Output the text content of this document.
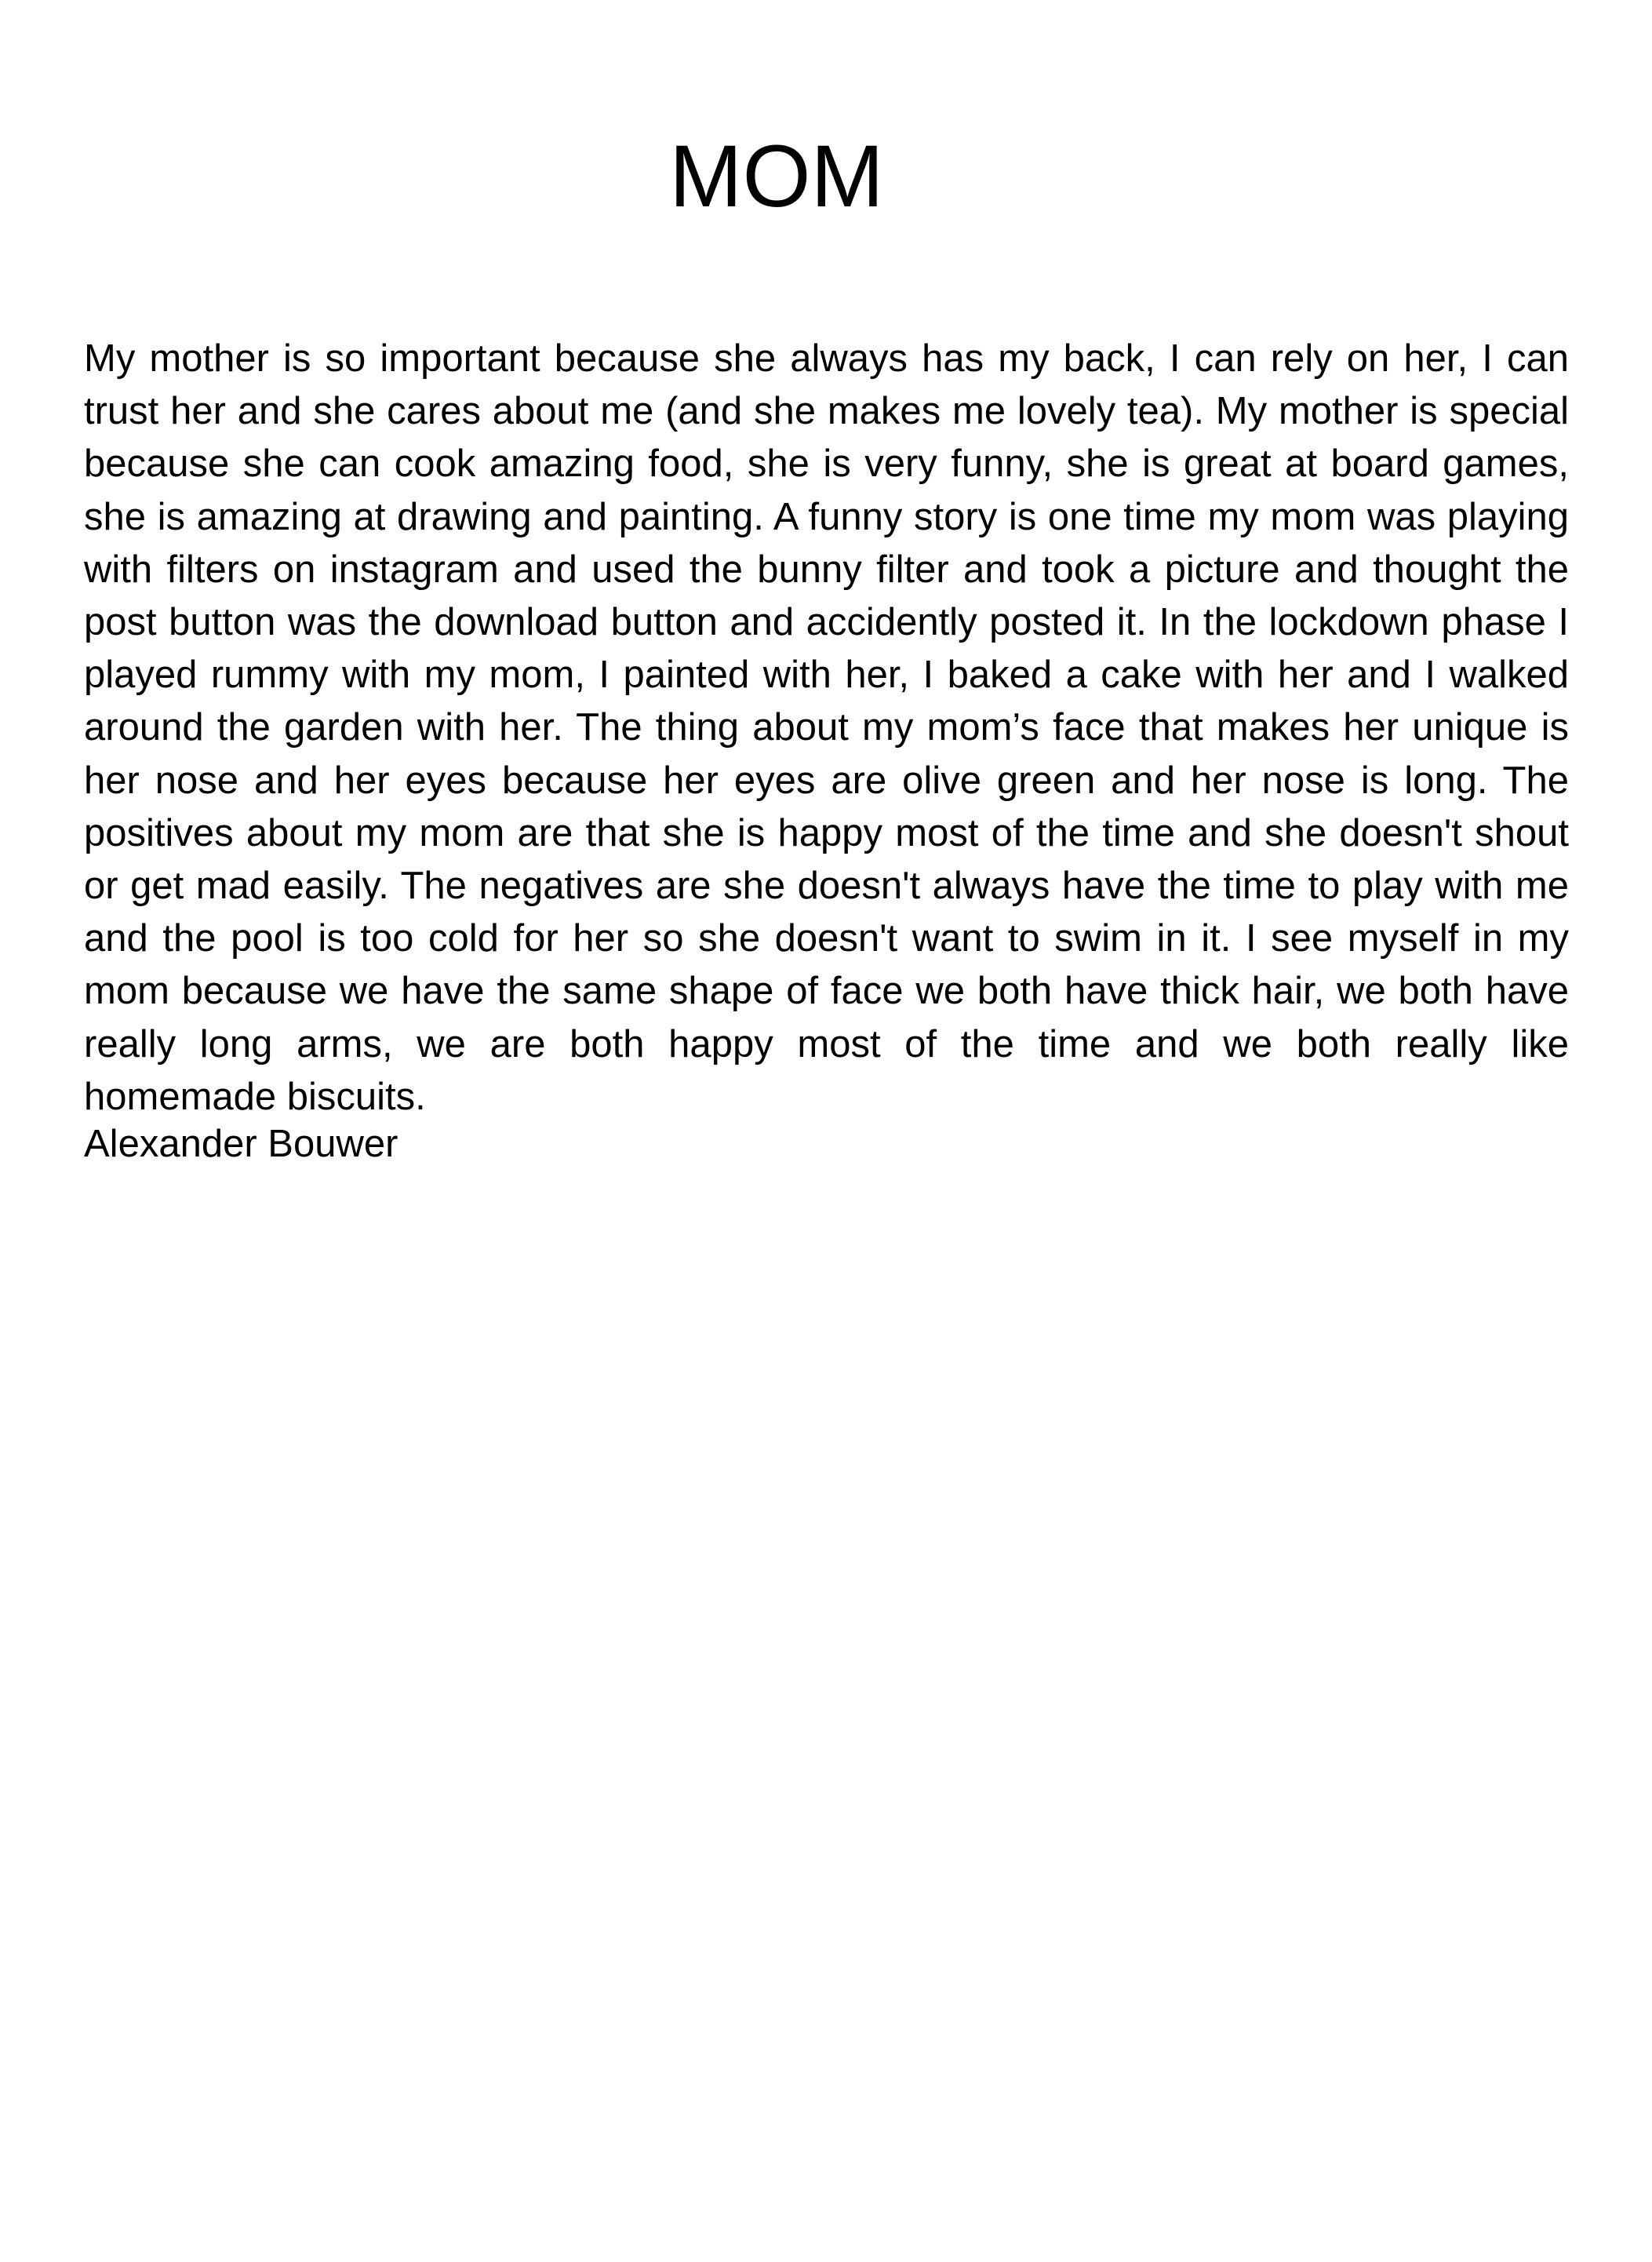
MOM

My mother is so important because she always has my back, I can rely on her, I can trust her and she cares about me (and she makes me lovely tea). My mother is special because she can cook amazing food, she is very funny, she is great at board games, she is amazing at drawing and painting. A funny story is one time my mom was playing with filters on instagram and used the bunny filter and took a picture and thought the post button was the download button and accidently posted it. In the lockdown phase I played rummy with my mom, I painted with her, I baked a cake with her and I walked around the garden with her. The thing about my mom’s face that makes her unique is her nose and her eyes because her eyes are olive green and her nose is long. The positives about my mom are that she is happy most of the time and she doesn't shout or get mad easily. The negatives are she doesn't always have the time to play with me and the pool is too cold for her so she doesn't want to swim in it. I see myself in my mom because we have the same shape of face we both have thick hair, we both have really long arms, we are both happy most of the time and we both really like homemade biscuits.

Alexander Bouwer
